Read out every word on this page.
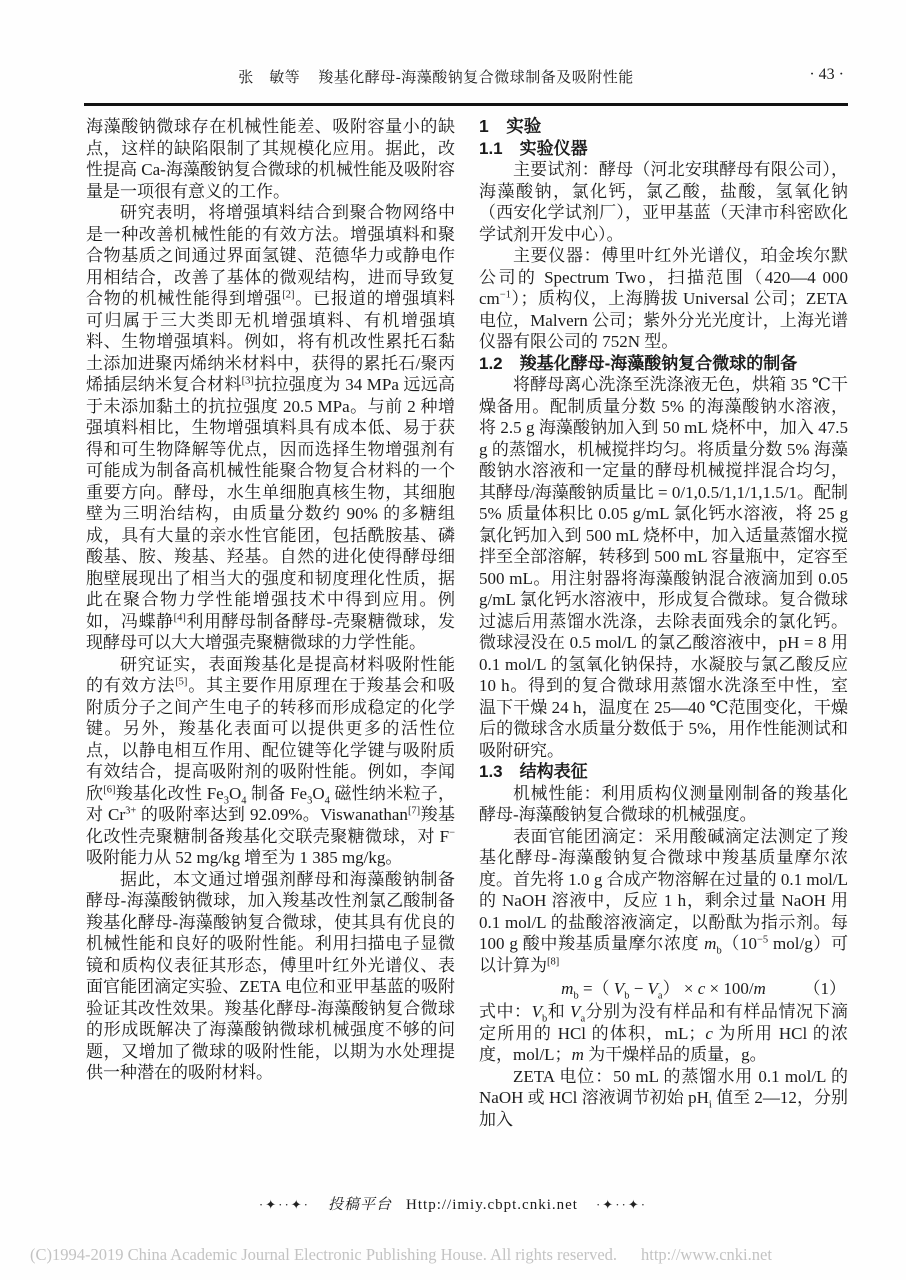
张　敏等 羧基化酵母-海藻酸钠复合微球制备及吸附性能	· 43 ·

海藻酸钠微球存在机械性能差、吸附容量小的缺点，这样的缺陷限制了其规模化应用。据此，改性提高 Ca-海藻酸钠复合微球的机械性能及吸附容量是一项很有意义的工作。

研究表明，将增强填料结合到聚合物网络中是一种改善机械性能的有效方法。增强填料和聚合物基质之间通过界面氢键、范德华力或静电作用相结合，改善了基体的微观结构，进而导致复合物的机械性能得到增强[2]。已报道的增强填料可归属于三大类即无机增强填料、有机增强填料、生物增强填料。例如，将有机改性累托石黏土添加进聚丙烯纳米材料中，获得的累托石/聚丙烯插层纳米复合材料[3]抗拉强度为 34 MPa 远远高于未添加黏土的抗拉强度 20.5 MPa。与前 2 种增强填料相比，生物增强填料具有成本低、易于获得和可生物降解等优点，因而选择生物增强剂有可能成为制备高机械性能聚合物复合材料的一个重要方向。酵母，水生单细胞真核生物，其细胞壁为三明治结构，由质量分数约 90% 的多糖组成，具有大量的亲水性官能团，包括酰胺基、磷酸基、胺、羧基、羟基。自然的进化使得酵母细胞壁展现出了相当大的强度和韧度理化性质，据此在聚合物力学性能增强技术中得到应用。例如，冯蝶静[4]利用酵母制备酵母-壳聚糖微球，发现酵母可以大大增强壳聚糖微球的力学性能。

研究证实，表面羧基化是提高材料吸附性能的有效方法[5]。其主要作用原理在于羧基会和吸附质分子之间产生电子的转移而形成稳定的化学键。另外，羧基化表面可以提供更多的活性位点，以静电相互作用、配位键等化学键与吸附质有效结合，提高吸附剂的吸附性能。例如，李闻欣[6]羧基化改性 $Fe_3O_4$ 制备 $Fe_3O_4$ 磁性纳米粒子，对 $Cr^{3+}$ 的吸附率达到 92.09%。Viswanathan[7]羧基化改性壳聚糖制备羧基化交联壳聚糖微球，对 F− 吸附能力从 52 mg/kg 增至为 1 385 mg/kg。

据此，本文通过增强剂酵母和海藻酸钠制备酵母-海藻酸钠微球，加入羧基改性剂氯乙酸制备羧基化酵母-海藻酸钠复合微球，使其具有优良的机械性能和良好的吸附性能。利用扫描电子显微镜和质构仪表征其形态，傅里叶红外光谱仪、表面官能团滴定实验、ZETA 电位和亚甲基蓝的吸附验证其改性效果。羧基化酵母-海藻酸钠复合微球的形成既解决了海藻酸钠微球机械强度不够的问题，又增加了微球的吸附性能，以期为水处理提供一种潜在的吸附材料。

1　实验
1.1　实验仪器

主要试剂：酵母（河北安琪酵母有限公司），海藻酸钠，氯化钙，氯乙酸，盐酸，氢氧化钠（西安化学试剂厂），亚甲基蓝（天津市科密欧化学试剂开发中心）。

主要仪器：傅里叶红外光谱仪，珀金埃尔默公司的 Spectrum Two，扫描范围（420—4 000 $cm^{-1}$）；质构仪，上海腾拔 Universal 公司；ZETA 电位，Malvern 公司；紫外分光光度计，上海光谱仪器有限公司的 752N 型。

1.2　羧基化酵母-海藻酸钠复合微球的制备

将酵母离心洗涤至洗涤液无色，烘箱 35 ℃干燥备用。配制质量分数 5% 的海藻酸钠水溶液，将 2.5 g 海藻酸钠加入到 50 mL 烧杯中，加入 47.5 g 的蒸馏水，机械搅拌均匀。将质量分数 5% 海藻酸钠水溶液和一定量的酵母机械搅拌混合均匀，其酵母/海藻酸钠质量比 = 0/1,0.5/1,1/1,1.5/1。配制 5% 质量体积比 0.05 g/mL 氯化钙水溶液，将 25 g 氯化钙加入到 500 mL 烧杯中，加入适量蒸馏水搅拌至全部溶解，转移到 500 mL 容量瓶中，定容至 500 mL。用注射器将海藻酸钠混合液滴加到 0.05 g/mL 氯化钙水溶液中，形成复合微球。复合微球过滤后用蒸馏水洗涤，去除表面残余的氯化钙。微球浸没在 0.5 mol/L 的氯乙酸溶液中，pH = 8 用 0.1 mol/L 的氢氧化钠保持，水凝胶与氯乙酸反应 10 h。得到的复合微球用蒸馏水洗涤至中性，室温下干燥 24 h，温度在 25—40 ℃范围变化，干燥后的微球含水质量分数低于 5%，用作性能测试和吸附研究。

1.3　结构表征

机械性能：利用质构仪测量刚制备的羧基化酵母-海藻酸钠复合微球的机械强度。

表面官能团滴定：采用酸碱滴定法测定了羧基化酵母-海藻酸钠复合微球中羧基质量摩尔浓度。首先将 1.0 g 合成产物溶解在过量的 0.1 mol/L 的 NaOH 溶液中，反应 1 h，剩余过量 NaOH 用 0.1 mol/L 的盐酸溶液滴定，以酚酞为指示剂。每 100 g 酸中羧基质量摩尔浓度 $m_b(10^{-5}$ mol/g）可以计算为[8]

$m_b$ =（ $V_b - V_a) \times c \times 100/m$ （1）

式中：$V_b$和 $V_a$分别为没有样品和有样品情况下滴定所用的 HCl 的体积，mL；c 为所用 HCl 的浓度，mol/L；m 为干燥样品的质量，g。

ZETA 电位：50 mL 的蒸馏水用 0.1 mol/L 的 NaOH 或 HCl 溶液调节初始 $pH_i$ 值至 2—12，分别加入

·✦··✦· 投稿平台 Http://imiy.cbpt.cnki.net ·✦··✦·
(C)1994-2019 China Academic Journal Electronic Publishing House. All rights reserved. http://www.cnki.net
